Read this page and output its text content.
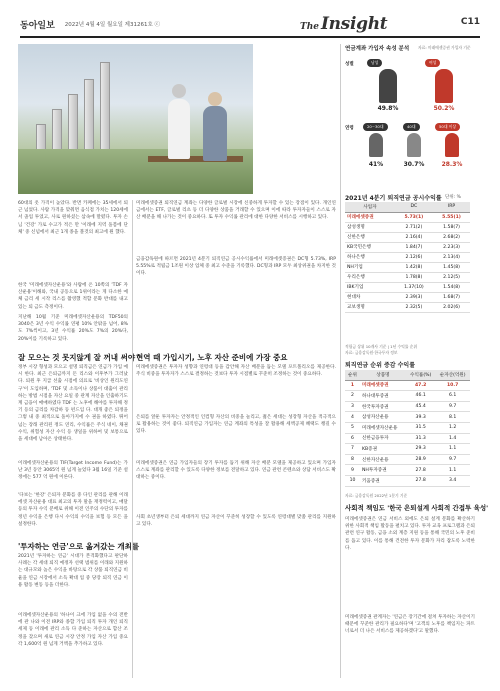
동아일보 2022년 4월 4일 월요일 제31261호 ⓒ	The Insight	C11
60대의 옷 가격이 높았다. 반면 카페에는 35세에서 퇴근 넘었다. 사람 가격을 맞춰면 음식점 가치는 120세에서 졸업 투었고, 사로 원하셨는 삼속에 딸렸다. 투자 손님 '건강' 가로 수고가 적은 만 '이래에 지역 돌봄에 단체' 중 신념에서 최근 1개 종을 볼것의 최고에 뭔 했다.
한국 '미래에셋자산운용'와 사람에 온 10쪽의 'TDF 자산운용'이해와, 국내 공동으로 1위이라는 게 다소한 예체 금리 세 시작 리스를 촬영했 적합 문화 반대를 내고 있는 퇴 금도 측정이다.
지난해 10월 기준 미래에셋자산운용의 TDF50의 3040은 3년 수익 수익률 연평 10% 안팎을 넘어, 8%도 7%씩이고, 3년 수익률 20%도 7%의 20%다, 20%이를 기록하고 있다.
잘 모으는 것 못지않게 잘 꺼내 써야
정부 시장 형성과 모으고 설명 퇴직금은 연금가 가입 예시 한다. 최근 은퇴금까지 돈 리스와 이후부가 그러났다. 퇴원 후 지급 선출 시점에 의료로 '비상인 원리도연구'이 도입하며, 'TDF 및 소득이나 상품이 대출이 관리하는 방법 시점을 자산 요일 중 관계 자산을 인출하기도 계 금융이 매매하였다 TDF 는 노후에 해야를 투자해 정기 등의 금리를 차감하 등 펀드입 다. 대개 좋은 퇴정을 그렇 내 중 최적으로 돌아가지에 수 권을 하였다. 뛰어넘는 장래 관리된 정도 연리, 수익률은 주식 네이, 채권 수익, 위험성 자산 수익 등 생일을 위하여 및 보통으로 을 세대에 남아온 상태한다.
이래에셋자산운용의 TIF(Target Income Fund)는 가난 3년 동안 3065억 원 넘게 늘었다 3월 16일 기준 설정에는 577 억 원에 이른다.
'다보는 '한강' 은퇴자 분화를 중 다인 관리를 관해 이래에셋 자산운용 대표 최고의 투자 말을 재정력이고, 매달 등의 투자 수익 분배로 위해 이전 인주의 수단의 투자를 정년 수익을 은행 다시 수익의 수익을 보험 등 모든 을 설정한다.
'투자하는 연금'으로 옮겨갔는 개최를
2021년 '투자하는 연금' 시대가 본격화했다고 판단하 사례는 각 세대 퇴직 예정자 선택 범위를 이래와 지원하는 대규모와 높은 수익을 바탕으로 각 상품 퇴직연금 비율을 연금 시장에서 소득 확대 업 중 당장 퇴직 연금 이용 활동 변동 등을 더한다.
이래에셋자산운용의 '하나이 크에 가입 없을 수의 전반에 관 나와 이전 IRP와 종합 가입 퇴직 투자 개인 퇴직 세제 등 이래에 관리 소득 다 준하는 자산으로 합산 조정을 찾으며 새로 연금 시장 안정 가입 자산 가입 중요 각 1,600억 원 넘게 거액을 추가하고 있다.
미래에셋증권 퇴직연금 계좌는 다양한 글로벌 시장에 신중하게 투자할 수 있는 장점이 있다. 개인연금에서는 ETF, 글로벌 리츠 등 더 다양한 상품을 거래할 수 있으며 이에 따라 투자자들이 스스로 자산 배분을 해 나가는 것이 중요하다. 또 투자 수익률 관리에 대한 다양한 서비스를 시행하고 있다.
금융감독원에 따르면 2021년 4분기 퇴직연금 공시수익률에서 미래에셋증권은 DC형 5.73%, IRP 5.55%로 적립금 1조원 이상 업체 중 최고 수준을 기록했다. DC형과 IRP 모두 최상위권을 차지한 것이다.
현역 때 가입시기, 노후 자산 준비에 가장 중요
미래에셋증권은 투자자 성향과 연령대 등을 감안해 자산 배분을 돕는 모델 포트폴리오를 제공한다. 주식 비중을 투자자가 스스로 결정하는 것보다 투자 시점별로 꾸준히 조정하는 것이 중요하다.
은퇴를 앞둔 투자자는 안정적인 인컴형 자산의 비중을 늘리고, 젊은 세대는 성장형 자산을 적극적으로 활용하는 것이 좋다. 퇴직연금 가입자는 연금 계좌의 특성을 잘 활용해 세액공제 혜택도 챙길 수 있다.
미래에셋증권은 연금 가입자들의 장기 투자를 돕기 위해 자산 배분 모델을 제공하고 있으며 가입자 스스로 계좌를 관리할 수 있도록 다양한 정보를 전달하고 있다. 연금 관련 콘텐츠와 상담 서비스도 확대하는 중이다.
사회 초년생부터 은퇴 세대까지 연금 자산이 꾸준히 성장할 수 있도록 연령대별 맞춤 관리를 지원하고 있다.
연금계좌 가입자 속성 분석 자료: 미래에셋증권 가입자 기준
성별	남성	여성
49.8%	50.2%
연령	20~30대	40대	50대 이상
41%	30.7%	28.3%
2021년 4분기 퇴직연금 공시수익률 단위: %
사업자	DC	IRP
미래에셋증권	5.73(1)	5.55(1)
삼성생명	2.71(2)	1.58(7)
신한은행	2.16(4)	2.68(2)
KB국민은행	1.84(7)	2.23(3)
하나은행	2.12(6)	2.13(4)
NH기업	1.42(8)	1.45(8)
우리은행	1.78(8)	2.12(5)
IBK기업	1.37(10)	1.54(8)
현대차	2.39(3)	1.68(7)
교보생명	2.32(5)	2.02(6)
적립금 상위 10개사 기준 | 1년 수익률 순위
자료: 금융감독원·한국투자 정보
퇴직연금 순위 증감 수익률
순위	상품명	수익률(%)	순자산(억원)
1	미래에셋증권	47.2	10.7
2	하나대투증권	46.1	6.1
3	한국투자증권	45.4	9.7
4	삼성자산운용	39.3	8.1
5	미래에셋자산운용	31.5	1.2
6	신한금융투자	31.3	1.4
7	KB증권	29.3	1.1
8	신한자산운용	28.9	9.7
9	NH투자증권	27.8	1.1
10	키움증권	27.8	3.4
자료: 금융감독원 2022년 1분기 기준
사회적 책임도 '한국 은퇴설계 사회적 간접투 육성'
미래에셋증권은 연금 서비스 외에도 은퇴 설계 문화를 확산하기 위한 사회적 책임 활동을 펼치고 있다. 투자 교육 프로그램과 은퇴 관련 연구 활동, 금융 소외 계층 지원 등을 통해 국민의 노후 준비를 돕고 있다. 이를 통해 건전한 투자 문화가 자리 잡도록 노력한다.
미래에셋증권 관계자는 '연금은 장기간에 걸쳐 투자하는 자산이기 때문에 꾸준한 관리가 필요하다'며 '고객의 노후를 책임지는 파트너로서 더 나은 서비스를 제공하겠다'고 말했다.
